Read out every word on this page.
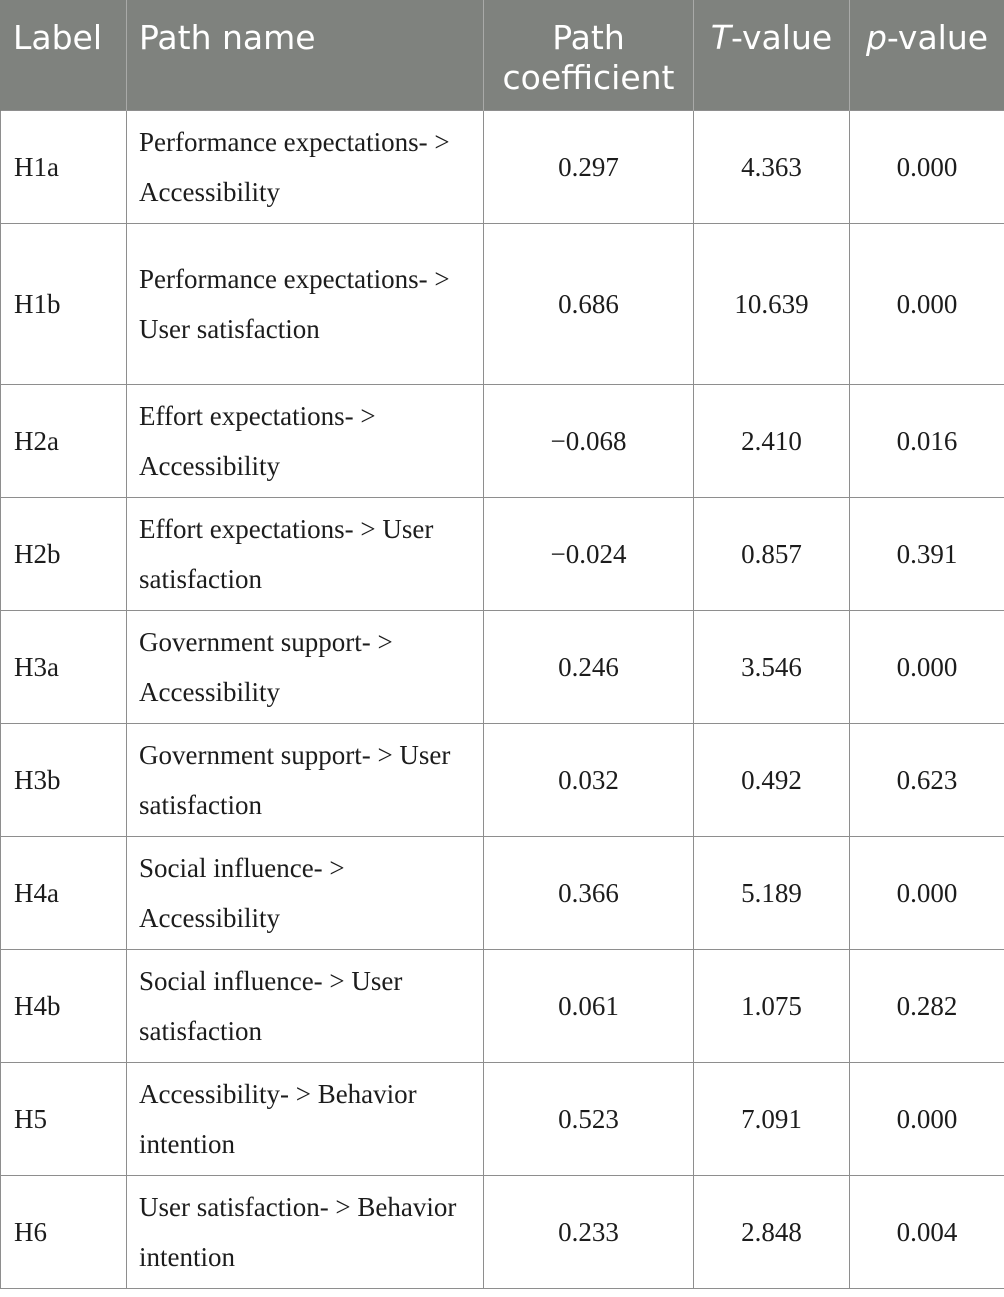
Label	Path name	Path coefficient	T-value	p-value
H1a	Performance expectations- > Accessibility	0.297	4.363	0.000
H1b	Performance expectations- > User satisfaction	0.686	10.639	0.000
H2a	Effort expectations- > Accessibility	−0.068	2.410	0.016
H2b	Effort expectations- > User satisfaction	−0.024	0.857	0.391
H3a	Government support- > Accessibility	0.246	3.546	0.000
H3b	Government support- > User satisfaction	0.032	0.492	0.623
H4a	Social influence- > Accessibility	0.366	5.189	0.000
H4b	Social influence- > User satisfaction	0.061	1.075	0.282
H5	Accessibility- > Behavior intention	0.523	7.091	0.000
H6	User satisfaction- > Behavior intention	0.233	2.848	0.004
